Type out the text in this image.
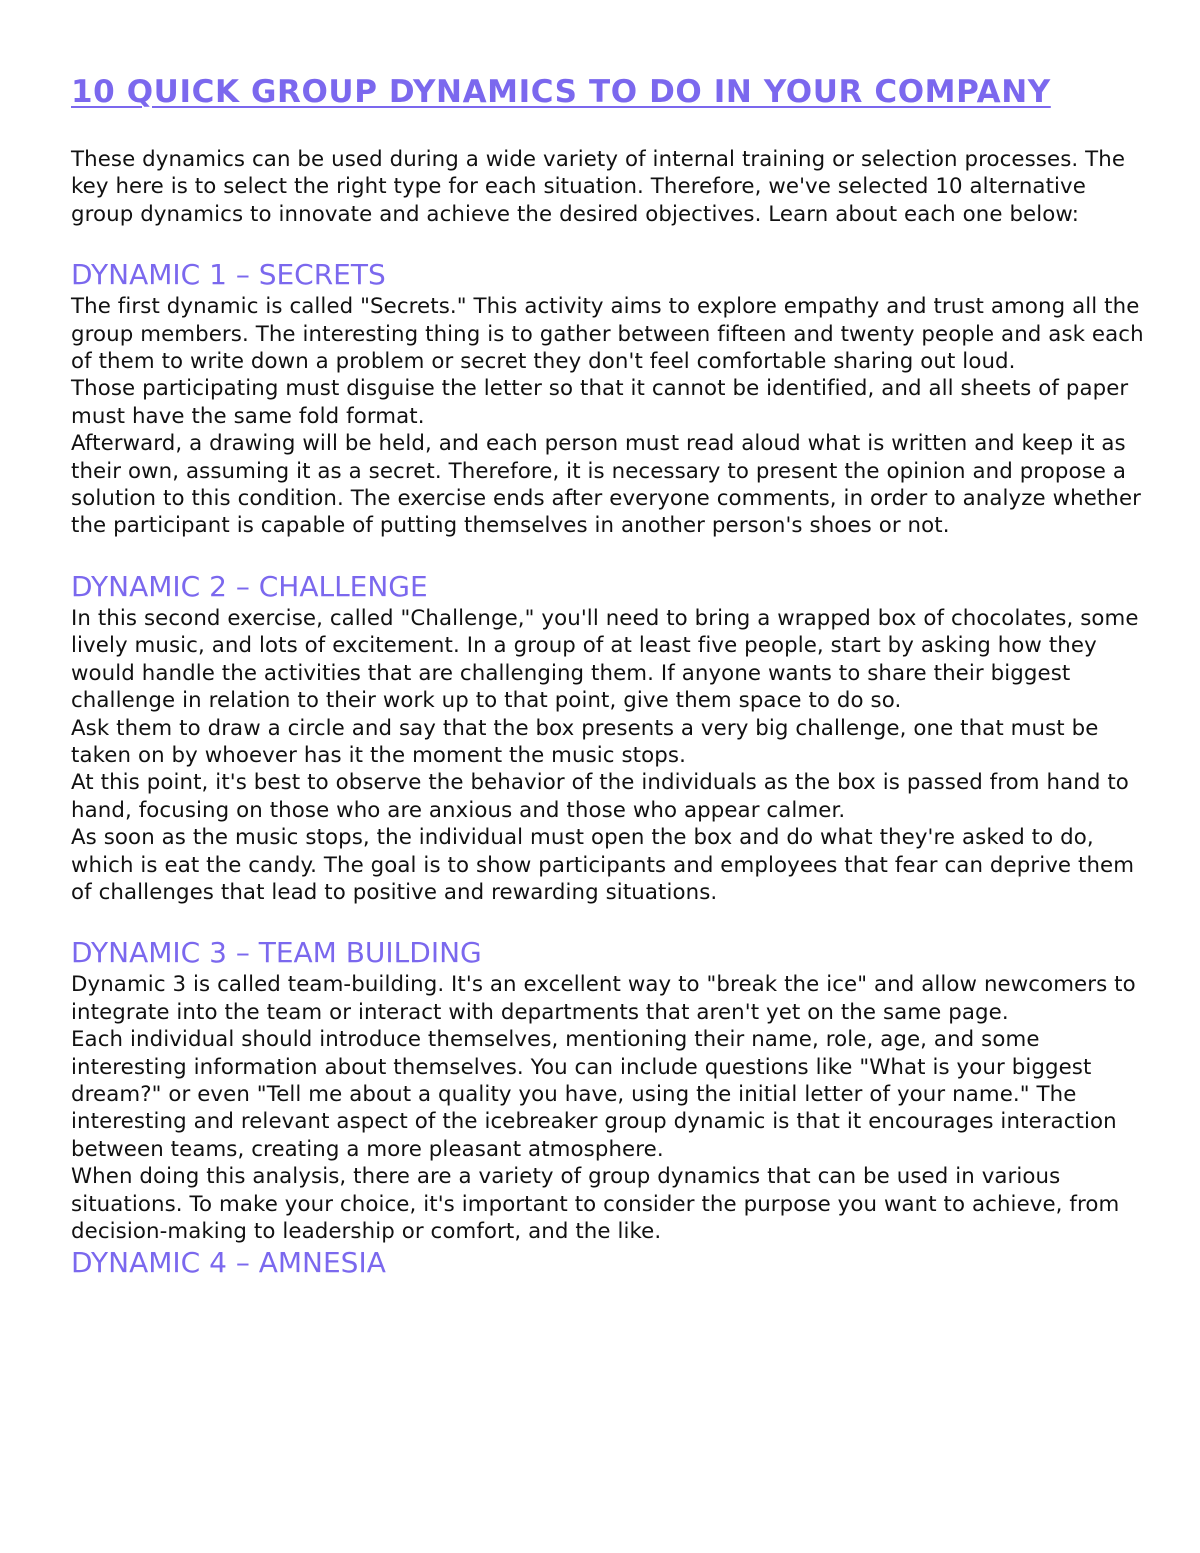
10 QUICK GROUP DYNAMICS TO DO IN YOUR COMPANY

These dynamics can be used during a wide variety of internal training or selection processes. The key here is to select the right type for each situation. Therefore, we've selected 10 alternative group dynamics to innovate and achieve the desired objectives. Learn about each one below:

DYNAMIC 1 – SECRETS

The first dynamic is called "Secrets." This activity aims to explore empathy and trust among all the group members. The interesting thing is to gather between fifteen and twenty people and ask each of them to write down a problem or secret they don't feel comfortable sharing out loud.

Those participating must disguise the letter so that it cannot be identified, and all sheets of paper must have the same fold format.

Afterward, a drawing will be held, and each person must read aloud what is written and keep it as their own, assuming it as a secret. Therefore, it is necessary to present the opinion and propose a solution to this condition. The exercise ends after everyone comments, in order to analyze whether the participant is capable of putting themselves in another person's shoes or not.

DYNAMIC 2 – CHALLENGE

In this second exercise, called "Challenge," you'll need to bring a wrapped box of chocolates, some lively music, and lots of excitement. In a group of at least five people, start by asking how they would handle the activities that are challenging them. If anyone wants to share their biggest challenge in relation to their work up to that point, give them space to do so.

Ask them to draw a circle and say that the box presents a very big challenge, one that must be taken on by whoever has it the moment the music stops.

At this point, it's best to observe the behavior of the individuals as the box is passed from hand to hand, focusing on those who are anxious and those who appear calmer.

As soon as the music stops, the individual must open the box and do what they're asked to do, which is eat the candy. The goal is to show participants and employees that fear can deprive them of challenges that lead to positive and rewarding situations.

DYNAMIC 3 – TEAM BUILDING

Dynamic 3 is called team-building. It's an excellent way to "break the ice" and allow newcomers to integrate into the team or interact with departments that aren't yet on the same page.

Each individual should introduce themselves, mentioning their name, role, age, and some interesting information about themselves. You can include questions like "What is your biggest dream?" or even "Tell me about a quality you have, using the initial letter of your name." The interesting and relevant aspect of the icebreaker group dynamic is that it encourages interaction between teams, creating a more pleasant atmosphere.

When doing this analysis, there are a variety of group dynamics that can be used in various situations. To make your choice, it's important to consider the purpose you want to achieve, from decision-making to leadership or comfort, and the like.

DYNAMIC 4 – AMNESIA
